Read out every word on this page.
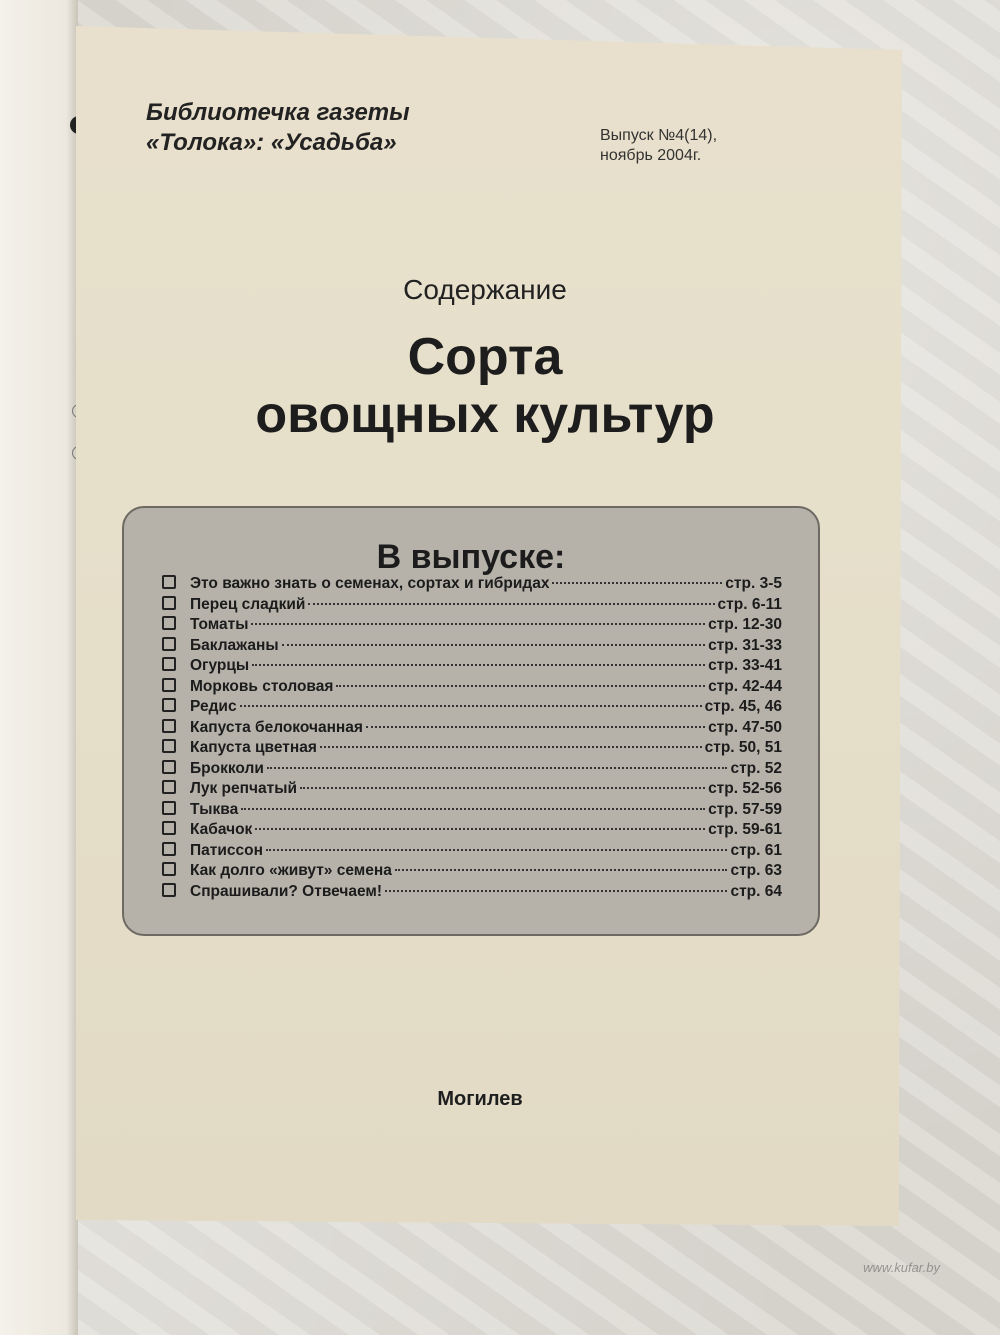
Библиотечка газеты
«Толока»: «Усадьба»	Выпуск №4(14),
ноябрь 2004г.
Содержание
Сорта
овощных культур
В выпуске:
Это важно знать о семенах, сортах и гибридах	стр. 3-5
Перец сладкий	стр. 6-11
Томаты	стр. 12-30
Баклажаны	стр. 31-33
Огурцы	стр. 33-41
Морковь столовая	стр. 42-44
Редис	стр. 45, 46
Капуста белокочанная	стр. 47-50
Капуста цветная	стр. 50, 51
Брокколи	стр. 52
Лук репчатый	стр. 52-56
Тыква	стр. 57-59
Кабачок	стр. 59-61
Патиссон	стр. 61
Как долго «живут» семена	стр. 63
Спрашивали? Отвечаем!	стр. 64
Могилев
www.kufar.by
